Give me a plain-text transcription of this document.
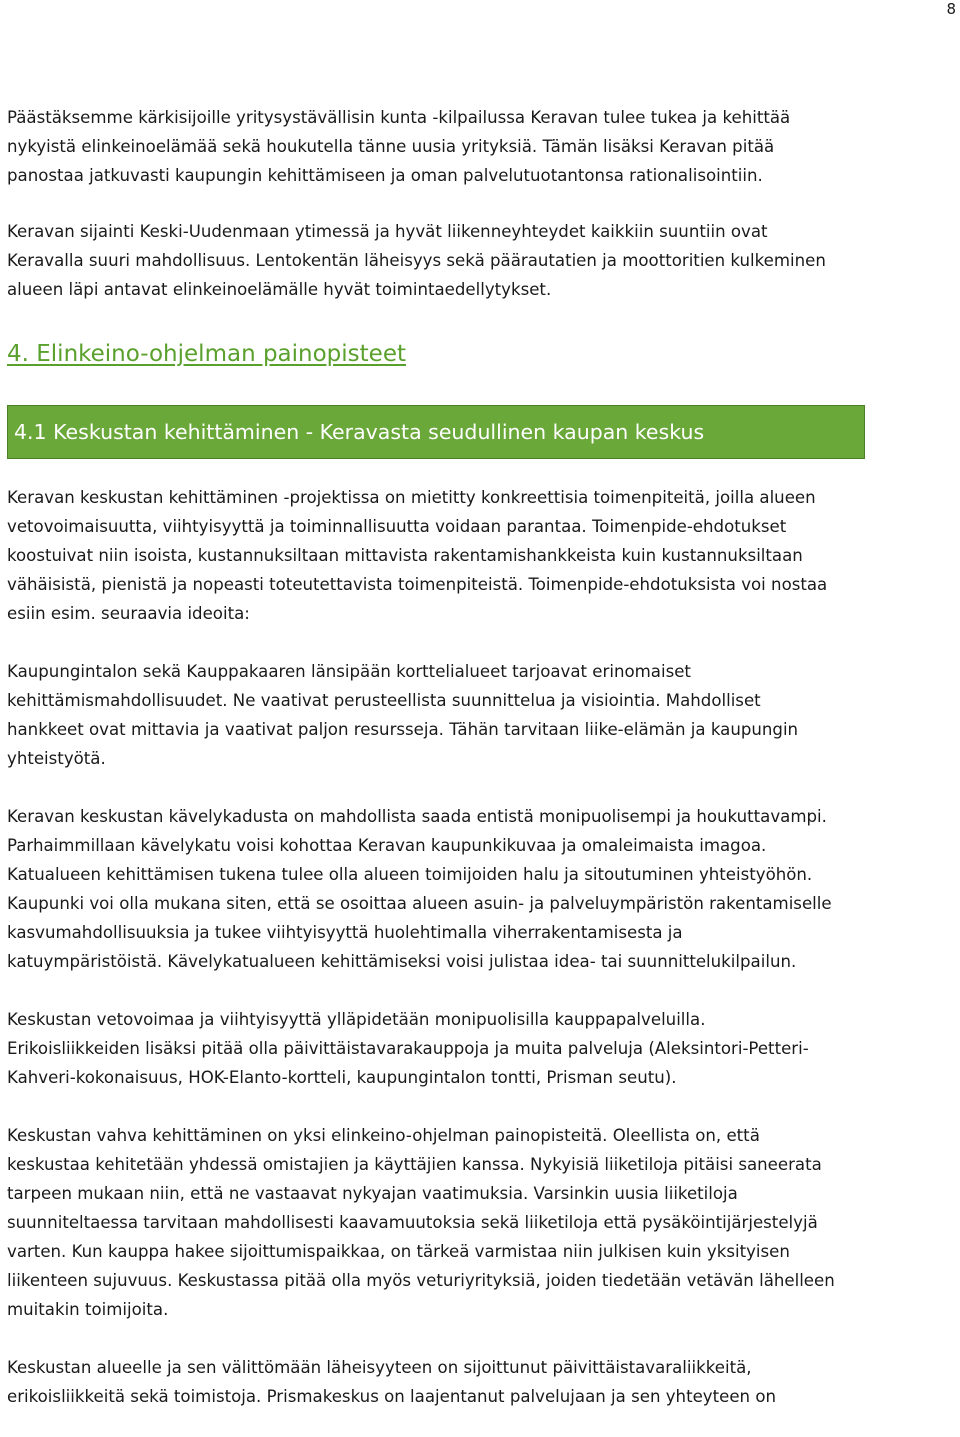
8

Päästäksemme kärkisijoille yritysystävällisin kunta -kilpailussa Keravan tulee tukea ja kehittää
nykyistä elinkeinoelämää sekä houkutella tänne uusia yrityksiä. Tämän lisäksi Keravan pitää
panostaa jatkuvasti kaupungin kehittämiseen ja oman palvelutuotantonsa rationalisointiin.

Keravan sijainti Keski-Uudenmaan ytimessä ja hyvät liikenneyhteydet kaikkiin suuntiin ovat
Keravalla suuri mahdollisuus. Lentokentän läheisyys sekä päärautatien ja moottoritien kulkeminen
alueen läpi antavat elinkeinoelämälle hyvät toimintaedellytykset.

4. Elinkeino-ohjelman painopisteet
4.1 Keskustan kehittäminen - Keravasta seudullinen kaupan keskus

Keravan keskustan kehittäminen -projektissa on mietitty konkreettisia toimenpiteitä, joilla alueen
vetovoimaisuutta, viihtyisyyttä ja toiminnallisuutta voidaan parantaa. Toimenpide-ehdotukset
koostuivat niin isoista, kustannuksiltaan mittavista rakentamishankkeista kuin kustannuksiltaan
vähäisistä, pienistä ja nopeasti toteutettavista toimenpiteistä. Toimenpide-ehdotuksista voi nostaa
esiin esim. seuraavia ideoita:

Kaupungintalon sekä Kauppakaaren länsipään korttelialueet tarjoavat erinomaiset
kehittämismahdollisuudet. Ne vaativat perusteellista suunnittelua ja visiointia. Mahdolliset
hankkeet ovat mittavia ja vaativat paljon resursseja. Tähän tarvitaan liike-elämän ja kaupungin
yhteistyötä.

Keravan keskustan kävelykadusta on mahdollista saada entistä monipuolisempi ja houkuttavampi.
Parhaimmillaan kävelykatu voisi kohottaa Keravan kaupunkikuvaa ja omaleimaista imagoa.
Katualueen kehittämisen tukena tulee olla alueen toimijoiden halu ja sitoutuminen yhteistyöhön.
Kaupunki voi olla mukana siten, että se osoittaa alueen asuin- ja palveluympäristön rakentamiselle
kasvumahdollisuuksia ja tukee viihtyisyyttä huolehtimalla viherrakentamisesta ja
katuympäristöistä. Kävelykatualueen kehittämiseksi voisi julistaa idea- tai suunnittelukilpailun.

Keskustan vetovoimaa ja viihtyisyyttä ylläpidetään monipuolisilla kauppapalveluilla.
Erikoisliikkeiden lisäksi pitää olla päivittäistavarakauppoja ja muita palveluja (Aleksintori-Petteri-
Kahveri-kokonaisuus, HOK-Elanto-kortteli, kaupungintalon tontti, Prisman seutu).

Keskustan vahva kehittäminen on yksi elinkeino-ohjelman painopisteitä. Oleellista on, että
keskustaa kehitetään yhdessä omistajien ja käyttäjien kanssa. Nykyisiä liiketiloja pitäisi saneerata
tarpeen mukaan niin, että ne vastaavat nykyajan vaatimuksia. Varsinkin uusia liiketiloja
suunniteltaessa tarvitaan mahdollisesti kaavamuutoksia sekä liiketiloja että pysäköintijärjestelyjä
varten. Kun kauppa hakee sijoittumispaikkaa, on tärkeä varmistaa niin julkisen kuin yksityisen
liikenteen sujuvuus. Keskustassa pitää olla myös veturiyrityksiä, joiden tiedetään vetävän lähelleen
muitakin toimijoita.

Keskustan alueelle ja sen välittömään läheisyyteen on sijoittunut päivittäistavaraliikkeitä,
erikoisliikkeitä sekä toimistoja. Prismakeskus on laajentanut palvelujaan ja sen yhteyteen on
